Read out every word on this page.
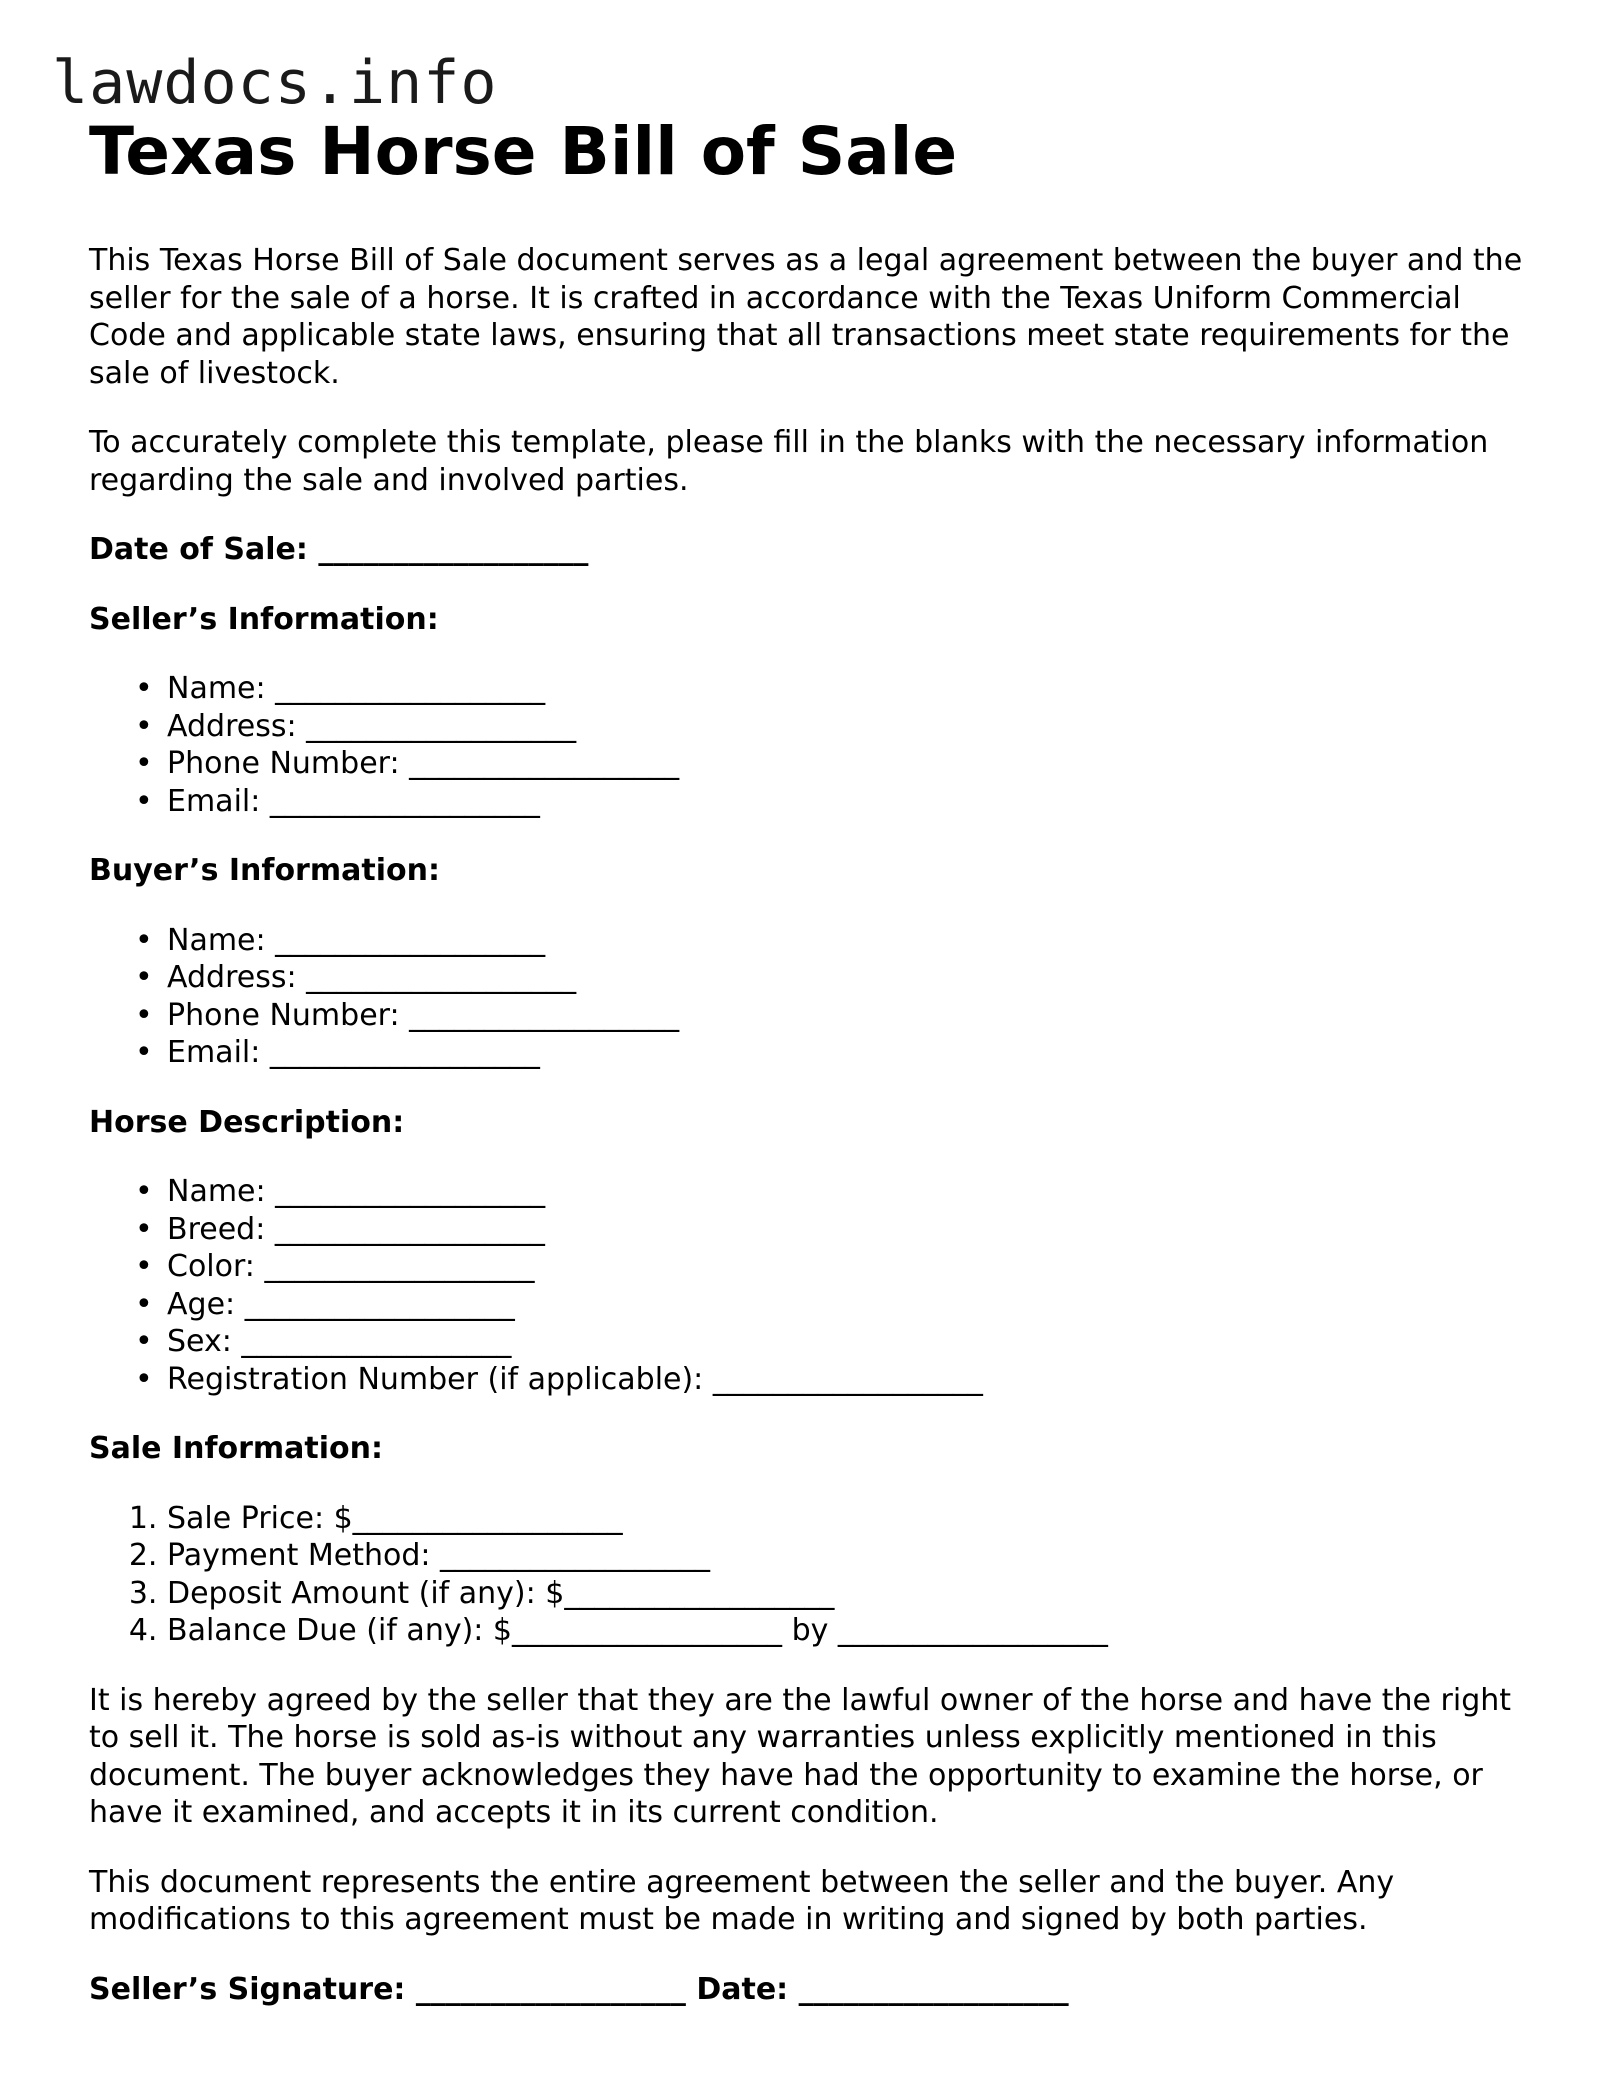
lawdocs.info
Texas Horse Bill of Sale

This Texas Horse Bill of Sale document serves as a legal agreement between the buyer and the seller for the sale of a horse. It is crafted in accordance with the Texas Uniform Commercial Code and applicable state laws, ensuring that all transactions meet state requirements for the sale of livestock.

To accurately complete this template, please fill in the blanks with the necessary information regarding the sale and involved parties.

Date of Sale: __________________

Seller’s Information:

• Name: __________________
• Address: __________________
• Phone Number: __________________
• Email: __________________

Buyer’s Information:

• Name: __________________
• Address: __________________
• Phone Number: __________________
• Email: __________________

Horse Description:

• Name: __________________
• Breed: __________________
• Color: __________________
• Age: __________________
• Sex: __________________
• Registration Number (if applicable): __________________

Sale Information:

1. Sale Price: $__________________
2. Payment Method: __________________
3. Deposit Amount (if any): $__________________
4. Balance Due (if any): $__________________ by __________________

It is hereby agreed by the seller that they are the lawful owner of the horse and have the right to sell it. The horse is sold as-is without any warranties unless explicitly mentioned in this document. The buyer acknowledges they have had the opportunity to examine the horse, or have it examined, and accepts it in its current condition.

This document represents the entire agreement between the seller and the buyer. Any modifications to this agreement must be made in writing and signed by both parties.

Seller’s Signature: __________________ Date: __________________
